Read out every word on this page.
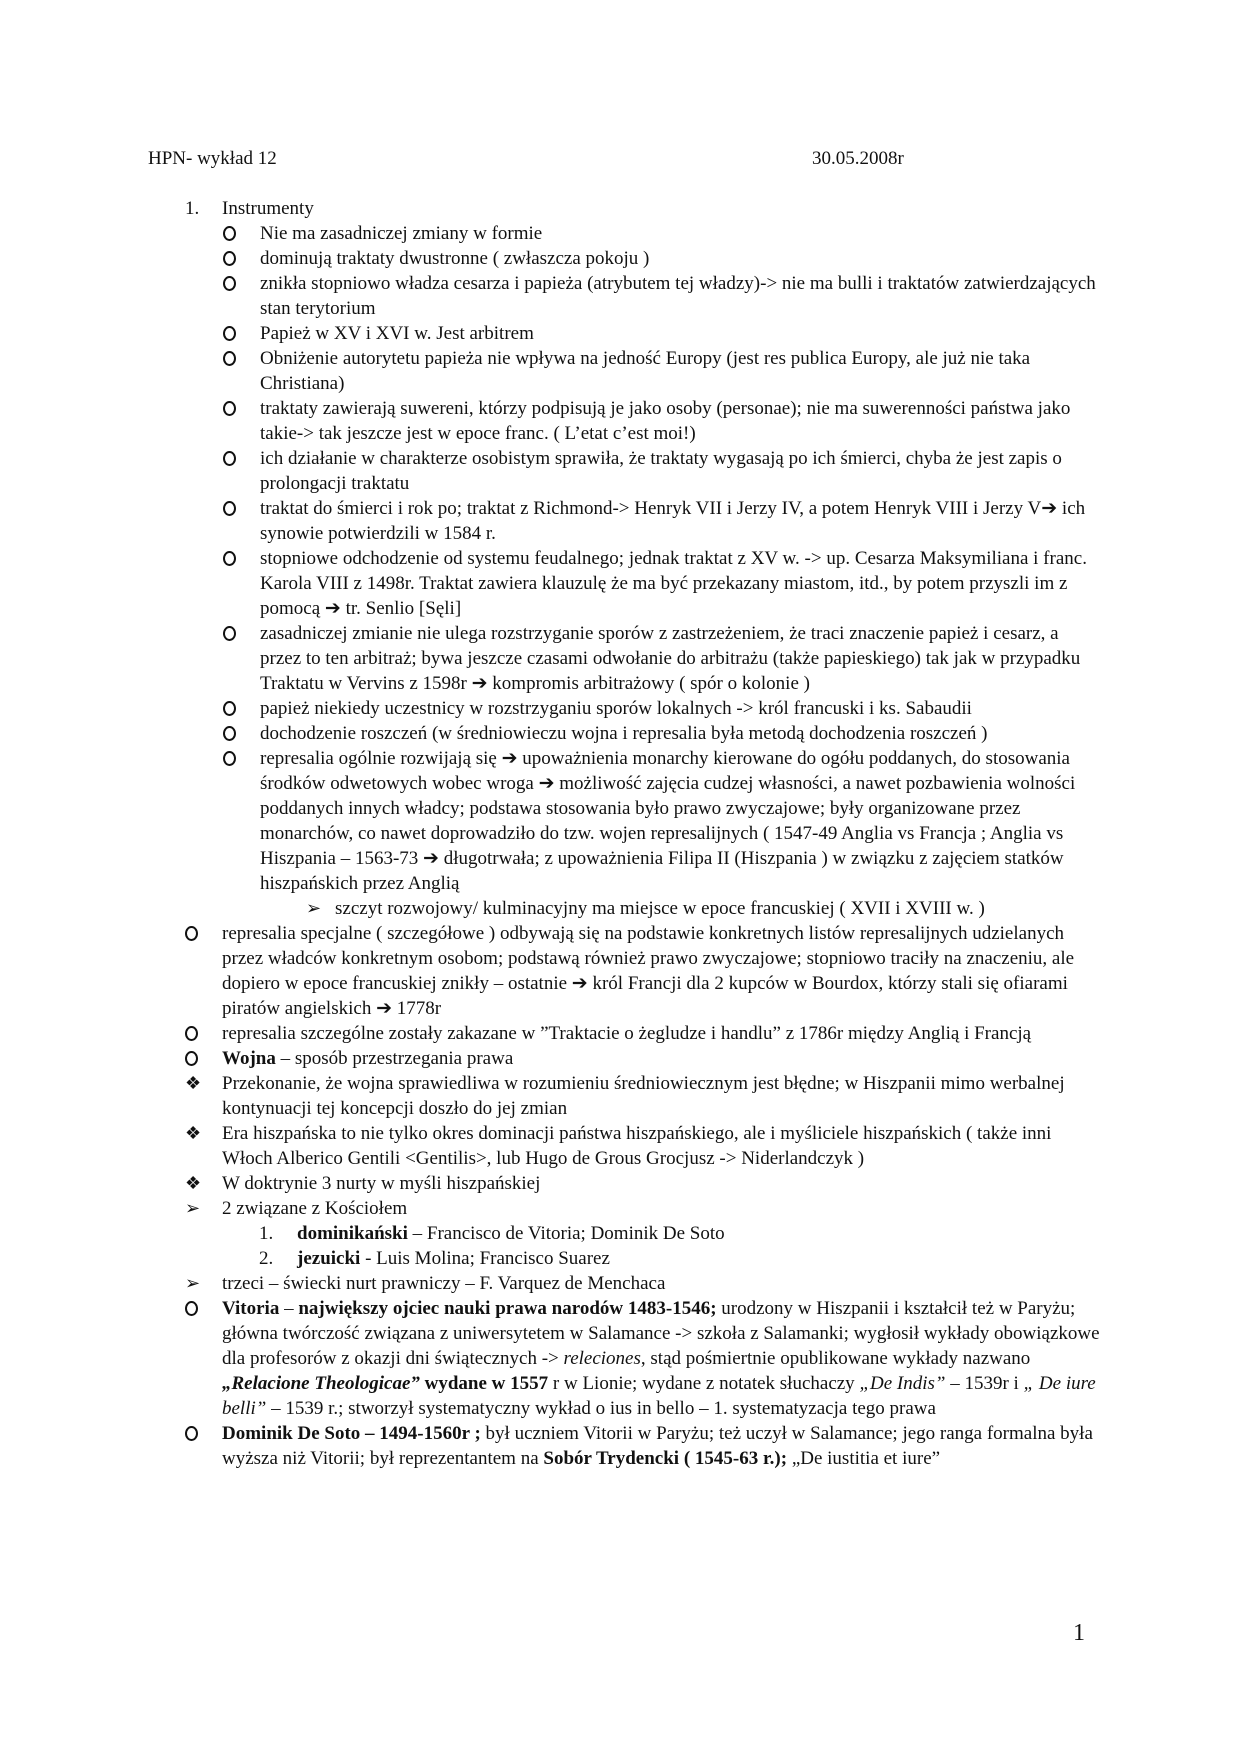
HPN- wykład 12	30.05.2008r
1. Instrumenty
Nie ma zasadniczej zmiany w formie
dominują traktaty dwustronne ( zwłaszcza pokoju )
znikła stopniowo władza cesarza i papieża (atrybutem tej władzy)-> nie ma bulli i traktatów zatwierdzających stan terytorium
Papież w XV i XVI w. Jest arbitrem
Obniżenie autorytetu papieża nie wpływa na jedność Europy (jest res publica Europy, ale już nie taka Christiana)
traktaty zawierają suwereni, którzy podpisują je jako osoby (personae); nie ma suwerenności państwa jako takie-> tak jeszcze jest w epoce franc. ( L’etat c’est moi!)
ich działanie w charakterze osobistym sprawiła, że traktaty wygasają po ich śmierci, chyba że jest zapis o prolongacji traktatu
traktat do śmierci i rok po; traktat z Richmond-> Henryk VII i Jerzy IV, a potem Henryk VIII i Jerzy V➔ ich synowie potwierdzili w 1584 r.
stopniowe odchodzenie od systemu feudalnego; jednak traktat z XV w. -> up. Cesarza Maksymiliana i franc. Karola VIII z 1498r. Traktat zawiera klauzulę że ma być przekazany miastom, itd., by potem przyszli im z pomocą ➔ tr. Senlio [Sęli]
zasadniczej zmianie nie ulega rozstrzyganie sporów z zastrzeżeniem, że traci znaczenie papież i cesarz, a przez to ten arbitraż; bywa jeszcze czasami odwołanie do arbitrażu (także papieskiego) tak jak w przypadku Traktatu w Vervins z 1598r ➔ kompromis arbitrażowy ( spór o kolonie )
papież niekiedy uczestnicy w rozstrzyganiu sporów lokalnych -> król francuski i ks. Sabaudii
dochodzenie roszczeń (w średniowieczu wojna i represalia była metodą dochodzenia roszczeń )
represalia ogólnie rozwijają się ➔ upoważnienia monarchy kierowane do ogółu poddanych, do stosowania środków odwetowych wobec wroga ➔ możliwość zajęcia cudzej własności, a nawet pozbawienia wolności poddanych innych władcy; podstawa stosowania było prawo zwyczajowe; były organizowane przez monarchów, co nawet doprowadziło do tzw. wojen represalijnych ( 1547-49 Anglia vs Francja ; Anglia vs Hiszpania – 1563-73 ➔ długotrwała; z upoważnienia Filipa II (Hiszpania ) w związku z zajęciem statków hiszpańskich przez Anglią
➢ szczyt rozwojowy/ kulminacyjny ma miejsce w epoce francuskiej ( XVII i XVIII w. )
represalia specjalne ( szczegółowe ) odbywają się na podstawie konkretnych listów represalijnych udzielanych przez władców konkretnym osobom; podstawą również prawo zwyczajowe; stopniowo traciły na znaczeniu, ale dopiero w epoce francuskiej znikły – ostatnie ➔ król Francji dla 2 kupców w Bourdox, którzy stali się ofiarami piratów angielskich ➔ 1778r
represalia szczególne zostały zakazane w ”Traktacie o żegludze i handlu” z 1786r między Anglią i Francją
Wojna – sposób przestrzegania prawa
❖ Przekonanie, że wojna sprawiedliwa w rozumieniu średniowiecznym jest błędne; w Hiszpanii mimo werbalnej kontynuacji tej koncepcji doszło do jej zmian
❖ Era hiszpańska to nie tylko okres dominacji państwa hiszpańskiego, ale i myśliciele hiszpańskich ( także inni Włoch Alberico Gentili <Gentilis>, lub Hugo de Grous Grocjusz -> Niderlandczyk )
❖ W doktrynie 3 nurty w myśli hiszpańskiej
➢ 2 związane z Kościołem
1. dominikański – Francisco de Vitoria; Dominik De Soto
2. jezuicki - Luis Molina; Francisco Suarez
➢ trzeci – świecki nurt prawniczy – F. Varquez de Menchaca
Vitoria – największy ojciec nauki prawa narodów 1483-1546; urodzony w Hiszpanii i kształcił też w Paryżu; główna twórczość związana z uniwersytetem w Salamance -> szkoła z Salamanki; wygłosił wykłady obowiązkowe dla profesorów z okazji dni świątecznych -> releciones, stąd pośmiertnie opublikowane wykłady nazwano „Relacione Theologicae” wydane w 1557 r w Lionie; wydane z notatek słuchaczy „De Indis” – 1539r i „ De iure belli” – 1539 r.; stworzył systematyczny wykład o ius in bello – 1. systematyzacja tego prawa
Dominik De Soto – 1494-1560r ; był uczniem Vitorii w Paryżu; też uczył w Salamance; jego ranga formalna była wyższa niż Vitorii; był reprezentantem na Sobór Trydencki ( 1545-63 r.); „De iustitia et iure”
1
